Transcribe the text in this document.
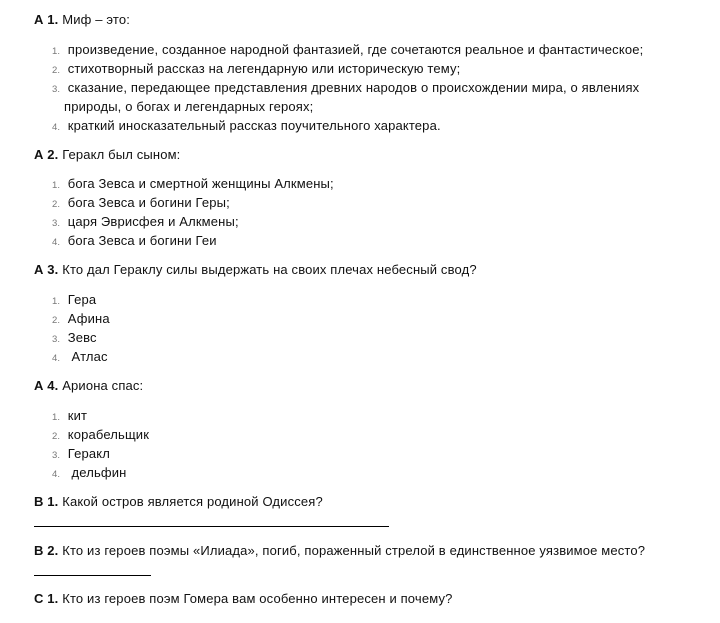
А 1. Миф – это:
1. произведение, созданное народной фантазией, где сочетаются реальное и фантастическое;
2. стихотворный рассказ на легендарную или историческую тему;
3. сказание, передающее представления древних народов о происхождении мира, о явлениях
природы, о богах и легендарных героях;
4. краткий иносказательный рассказ поучительного характера.
А 2. Геракл был сыном:
1. бога Зевса и смертной женщины Алкмены;
2. бога Зевса и богини Геры;
3. царя Эврисфея и Алкмены;
4. бога Зевса и богини Геи
А 3. Кто дал Гераклу силы выдержать на своих плечах небесный свод?
1. Гера
2. Афина
3. Зевс
4.  Атлас
А 4. Ариона спас:
1. кит
2. корабельщик
3. Геракл
4.  дельфин
В 1. Какой остров является родиной Одиссея?
В 2. Кто из героев поэмы «Илиада», погиб, пораженный стрелой в единственное уязвимое место?
С 1. Кто из героев поэм Гомера вам особенно интересен и почему?
